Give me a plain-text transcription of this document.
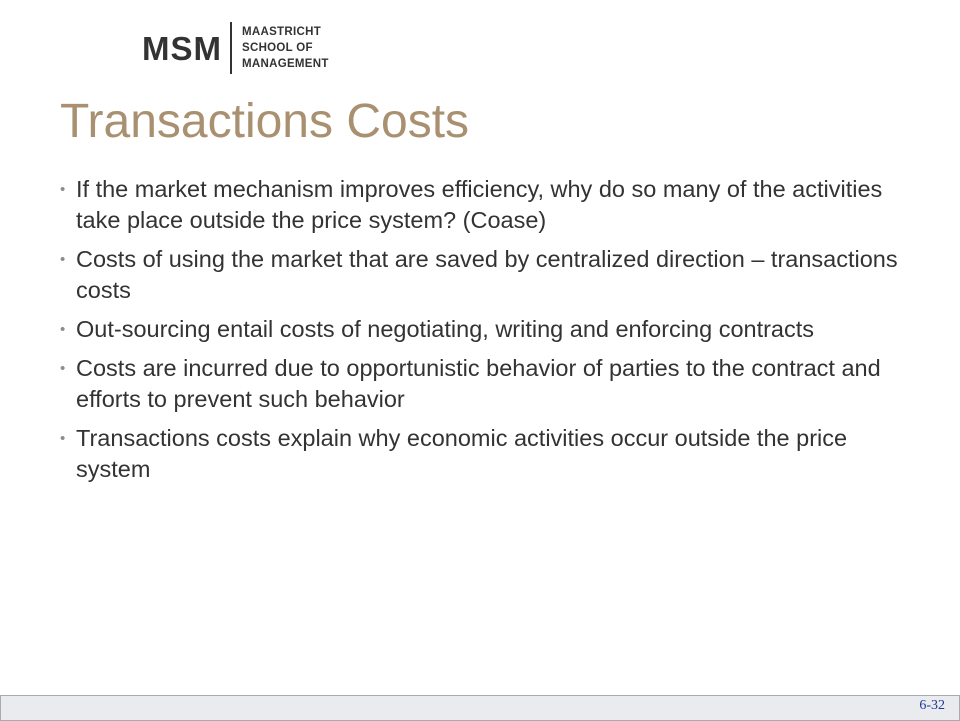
MSM MAASTRICHT
SCHOOL OF
MANAGEMENT
Transactions Costs
• If the market mechanism improves efficiency, why do so many of the activities take place outside the price system? (Coase)
• Costs of using the market that are saved by centralized direction – transactions costs
• Out-sourcing entail costs of negotiating, writing and enforcing contracts
• Costs are incurred due to opportunistic behavior of parties to the contract and efforts to prevent such behavior
• Transactions costs explain why economic activities occur outside the price system
6-32
